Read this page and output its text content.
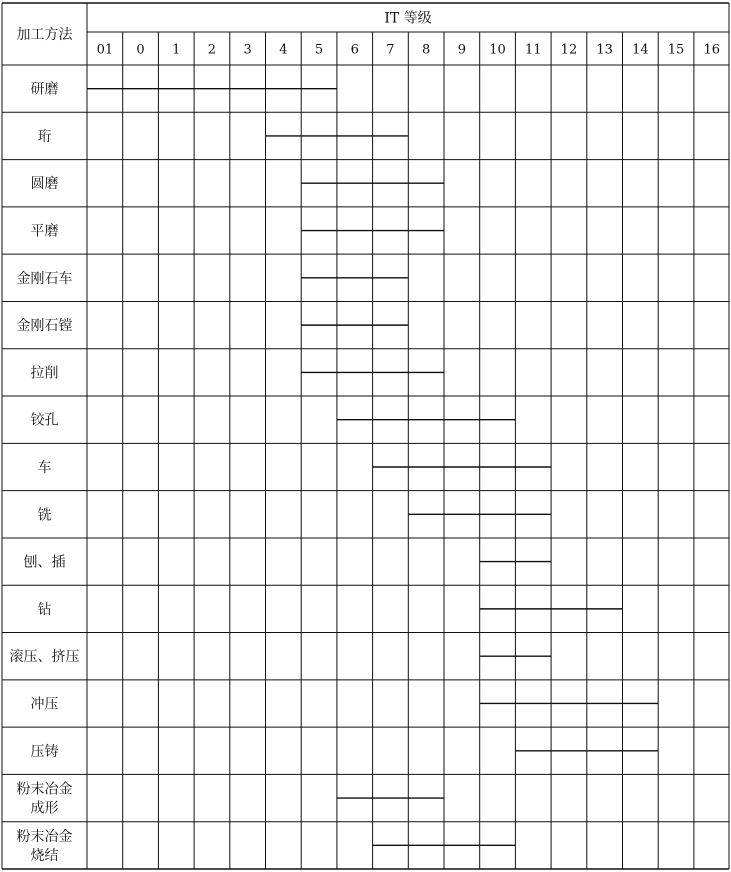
加工方法
IT 等级
01 0 1 2 3 4 5 6 7 8 9 10 11 12 13 14 15 16
研磨
珩
圆磨
平磨
金刚石车
金刚石镗
拉削
铰孔
车
铣
刨、插
钻
滚压、挤压
冲压
压铸
粉末冶金
成形
粉末冶金
烧结
